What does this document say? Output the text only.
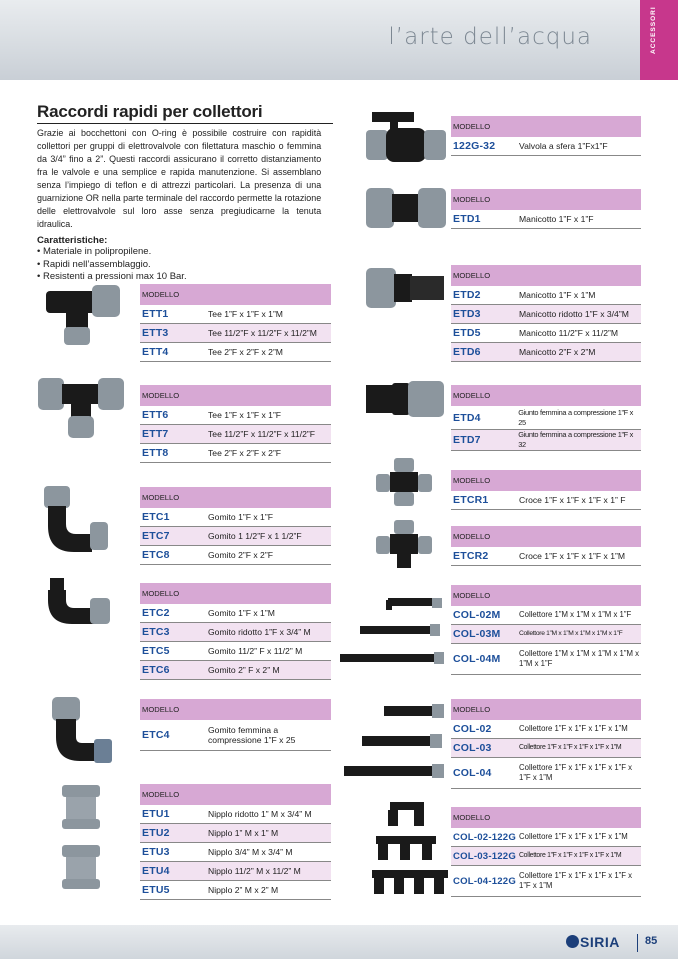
l’arte dell’acqua	ACCESSORI
Raccordi rapidi per collettori

Grazie ai bocchettoni con O-ring è possibile costruire con rapidità collettori per gruppi di elettrovalvole con filettatura maschio o femmina da 3/4” fino a 2”. Questi raccordi assicurano il corretto distanziamento fra le valvole e una semplice e rapida manutenzione. Si assemblano senza l’impiego di teflon e di attrezzi particolari. La presenza di una guarnizione OR nella parte terminale del raccordo permette la rotazione delle elettrovalvole sul loro asse senza pregiudicarne la tenuta idraulica.

Caratteristiche:
• Materiale in polipropilene.
• Rapidi nell’assemblaggio.
• Resistenti a pressioni max 10 Bar.
MODELLO
ETT1	Tee 1”F x 1”F x 1”M
ETT3	Tee 11/2”F x 11/2”F x 11/2”M
ETT4	Tee 2”F x 2”F x 2”M
MODELLO
ETT6	Tee 1”F x 1”F x 1”F
ETT7	Tee 11/2”F x 11/2”F x 11/2”F
ETT8	Tee 2”F x 2”F x 2”F
MODELLO
ETC1	Gomito 1”F x 1”F
ETC7	Gomito 1 1/2”F x 1 1/2”F
ETC8	Gomito 2”F x 2”F
MODELLO
ETC2	Gomito 1”F x 1”M
ETC3	Gomito ridotto 1”F x 3/4” M
ETC5	Gomito 11/2” F x 11/2” M
ETC6	Gomito 2” F x 2” M
MODELLO
ETC4	Gomito femmina a compressione 1”F x 25
MODELLO
ETU1	Nipplo ridotto 1” M x 3/4” M
ETU2	Nipplo 1” M x 1” M
ETU3	Nipplo 3/4” M x 3/4” M
ETU4	Nipplo 11/2” M x 11/2” M
ETU5	Nipplo 2” M x 2” M
MODELLO
122G-32	Valvola a sfera 1”Fx1”F
MODELLO
ETD1	Manicotto 1”F x 1”F
MODELLO
ETD2	Manicotto 1”F x 1”M
ETD3	Manicotto ridotto 1”F x 3/4”M
ETD5	Manicotto 11/2”F x 11/2”M
ETD6	Manicotto 2”F x 2”M
MODELLO
ETD4	Giunto femmina a compressione 1”F x 25
ETD7	Giunto femmina a compressione 1”F x 32
MODELLO
ETCR1	Croce 1”F x 1”F x 1”F x 1” F
MODELLO
ETCR2	Croce 1”F x 1”F x 1”F x 1”M
MODELLO
COL-02M	Collettore 1”M x 1”M x 1”M x 1”F
COL-03M	Collettore 1”M x 1”M x 1”M x 1”M x 1”F
COL-04M	Collettore 1”M x 1”M x 1”M x 1”M x 1”M x 1”F
MODELLO
COL-02	Collettore 1”F x 1”F x 1”F x 1”M
COL-03	Collettore 1”F x 1”F x 1”F x 1”F x 1”M
COL-04	Collettore 1”F x 1”F x 1”F x 1”F x 1”F x 1”M
MODELLO
COL-02-122G Collettore 1”F x 1”F x 1”F x 1”M
COL-03-122G Collettore 1”F x 1”F x 1”F x 1”F x 1”M
COL-04-122G Collettore 1”F x 1”F x 1”F x 1”F x 1”F x 1”M
SIRIA 85
